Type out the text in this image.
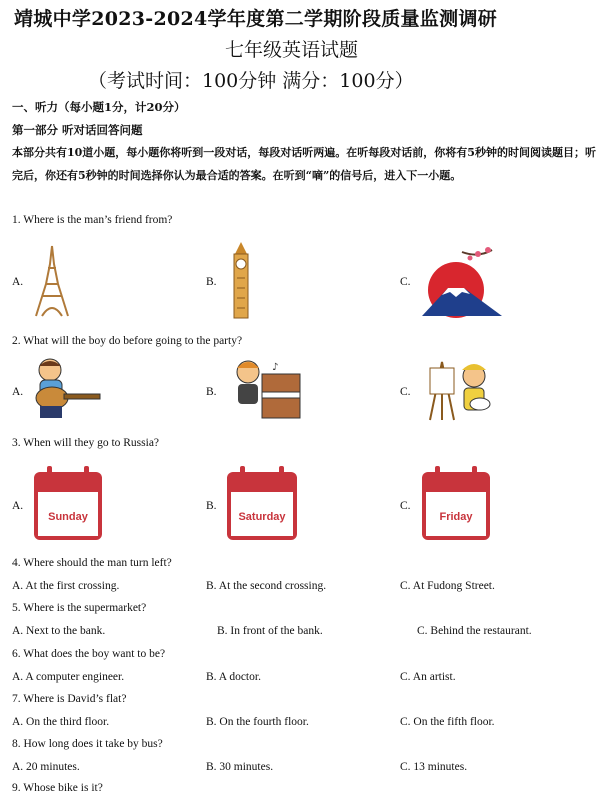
靖城中学2023-2024学年度第二学期阶段质量监测调研
七年级英语试题
（考试时间：100分钟 满分：100分）
一、听力（每小题1分，计20分）
第一部分 听对话回答问题
本部分共有10道小题，每小题你将听到一段对话，每段对话听两遍。在听每段对话前，你将有5秒钟的时间阅读题目；听完后，你还有5秒钟的时间选择你认为最合适的答案。在听到“嘀”的信号后，进入下一小题。
1. Where is the man’s friend from?
A.	B.	C.
2. What will the boy do before going to the party?
A.	B.	C.
♪
3. When will they go to Russia?
A.	B.	C.
Sunday	Saturday	Friday
4. Where should the man turn left?
A. At the first crossing.	B. At the second crossing.	C. At Fudong Street.
5. Where is the supermarket?
A. Next to the bank.	B. In front of the bank.	C. Behind the restaurant.
6. What does the boy want to be?
A. A computer engineer.	B. A doctor.	C. An artist.
7. Where is David’s flat?
A. On the third floor.	B. On the fourth floor.	C. On the fifth floor.
8. How long does it take by bus?
A. 20 minutes.	B. 30 minutes.	C. 13 minutes.
9. Whose bike is it?
